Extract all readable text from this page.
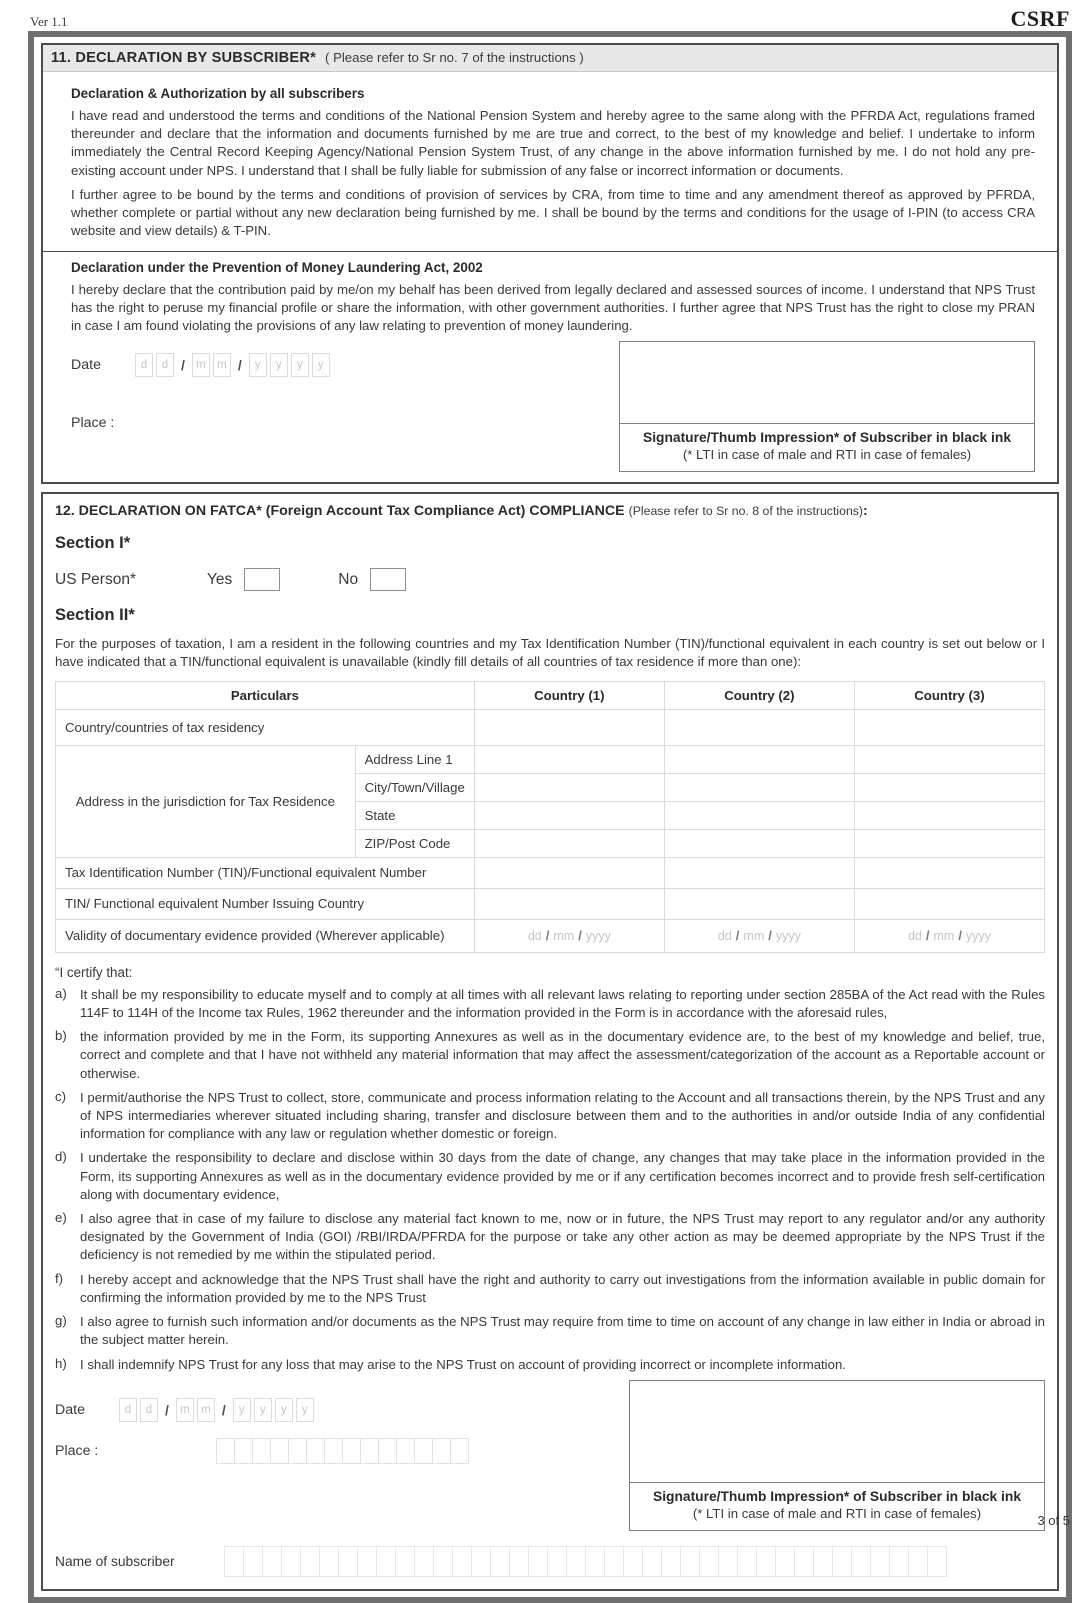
Ver 1.1	CSRF
11. DECLARATION BY SUBSCRIBER* ( Please refer to Sr no. 7 of the instructions )

Declaration & Authorization by all subscribers

I have read and understood the terms and conditions of the National Pension System and hereby agree to the same along with the PFRDA Act, regulations framed thereunder and declare that the information and documents furnished by me are true and correct, to the best of my knowledge and belief. I undertake to inform immediately the Central Record Keeping Agency/National Pension System Trust, of any change in the above information furnished by me. I do not hold any pre-existing account under NPS. I understand that I shall be fully liable for submission of any false or incorrect information or documents.

I further agree to be bound by the terms and conditions of provision of services by CRA, from time to time and any amendment thereof as approved by PFRDA, whether complete or partial without any new declaration being furnished by me. I shall be bound by the terms and conditions for the usage of I-PIN (to access CRA website and view details) & T-PIN.

Declaration under the Prevention of Money Laundering Act, 2002

I hereby declare that the contribution paid by me/on my behalf has been derived from legally declared and assessed sources of income. I understand that NPS Trust has the right to peruse my financial profile or share the information, with other government authorities. I further agree that NPS Trust has the right to close my PRAN in case I am found violating the provisions of any law relating to prevention of money laundering.

Date	d	d / m m /	y	y	y	y
Place :
Signature/Thumb Impression* of Subscriber in black ink
(* LTI in case of male and RTI in case of females)
12. DECLARATION ON FATCA* (Foreign Account Tax Compliance Act) COMPLIANCE (Please refer to Sr no. 8 of the instructions):
Section I*
US Person*	Yes	No
Section II*

For the purposes of taxation, I am a resident in the following countries and my Tax Identification Number (TIN)/functional equivalent in each country is set out below or I have indicated that a TIN/functional equivalent is unavailable (kindly fill details of all countries of tax residence if more than one):

Particulars		Country (1)	Country (2)	Country (3)
Country/countries of tax residency				
Address in the jurisdiction for Tax Residence	Address Line 1			
	City/Town/Village			
	State			
	ZIP/Post Code			
Tax Identification Number (TIN)/Functional equivalent Number				
TIN/ Functional equivalent Number Issuing Country				
Validity of documentary evidence provided (Wherever applicable)		dd / mm / yyyy	dd / mm / yyyy	dd / mm / yyyy

“I certify that:

a)	It shall be my responsibility to educate myself and to comply at all times with all relevant laws relating to reporting under section 285BA of the Act read with the Rules 114F to 114H of the Income tax Rules, 1962 thereunder and the information provided in the Form is in accordance with the aforesaid rules,
b)	the information provided by me in the Form, its supporting Annexures as well as in the documentary evidence are, to the best of my knowledge and belief, true, correct and complete and that I have not withheld any material information that may affect the assessment/categorization of the account as a Reportable account or otherwise.
c)	I permit/authorise the NPS Trust to collect, store, communicate and process information relating to the Account and all transactions therein, by the NPS Trust and any of NPS intermediaries wherever situated including sharing, transfer and disclosure between them and to the authorities in and/or outside India of any confidential information for compliance with any law or regulation whether domestic or foreign.
d)	I undertake the responsibility to declare and disclose within 30 days from the date of change, any changes that may take place in the information provided in the Form, its supporting Annexures as well as in the documentary evidence provided by me or if any certification becomes incorrect and to provide fresh self-certification along with documentary evidence,
e)	I also agree that in case of my failure to disclose any material fact known to me, now or in future, the NPS Trust may report to any regulator and/or any authority designated by the Government of India (GOI) /RBI/IRDA/PFRDA for the purpose or take any other action as may be deemed appropriate by the NPS Trust if the deficiency is not remedied by me within the stipulated period.
f)	I hereby accept and acknowledge that the NPS Trust shall have the right and authority to carry out investigations from the information available in public domain for confirming the information provided by me to the NPS Trust
g)	I also agree to furnish such information and/or documents as the NPS Trust may require from time to time on account of any change in law either in India or abroad in the subject matter herein.
h)	I shall indemnify NPS Trust for any loss that may arise to the NPS Trust on account of providing incorrect or incomplete information.
Date	d	d / m m /	y	y	y	y
Place :
Signature/Thumb Impression* of Subscriber in black ink
(* LTI in case of male and RTI in case of females)
Name of subscriber
3 of 5
